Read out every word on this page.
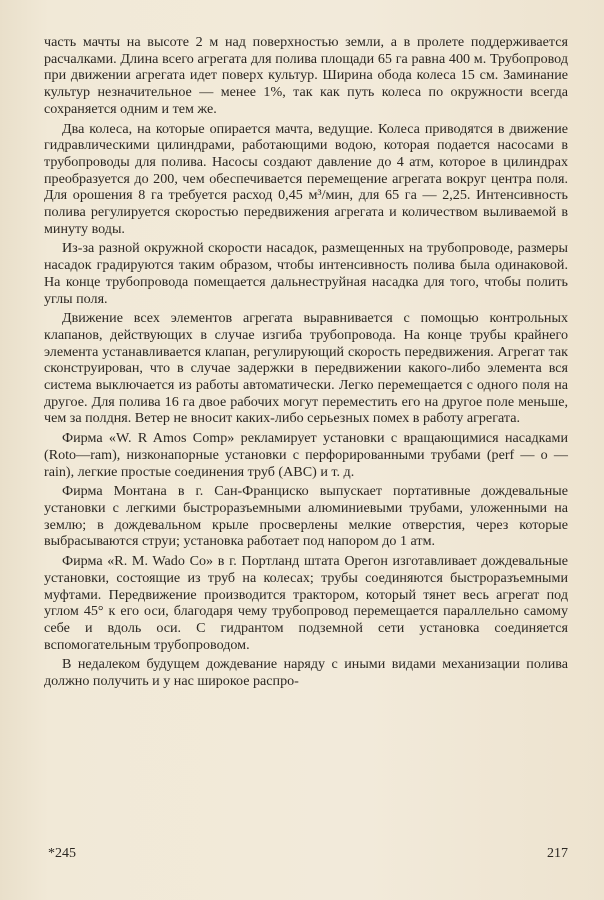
часть мачты на высоте 2 м над поверхностью земли, а в пролете поддерживается расчалками. Длина всего агрегата для полива площади 65 га равна 400 м. Трубопровод при движении агрегата идет поверх культур. Ширина обода колеса 15 см. Заминание культур незначительное — менее 1%, так как путь колеса по окружности всегда сохраняется одним и тем же.

Два колеса, на которые опирается мачта, ведущие. Колеса приводятся в движение гидравлическими цилиндрами, работающими водою, которая подается насосами в трубопроводы для полива. Насосы создают давление до 4 атм, которое в цилиндрах преобразуется до 200, чем обеспечивается перемещение агрегата вокруг центра поля. Для орошения 8 га требуется расход 0,45 м³/мин, для 65 га — 2,25. Интенсивность полива регулируется скоростью передвижения агрегата и количеством выливаемой в минуту воды.

Из-за разной окружной скорости насадок, размещенных на трубопроводе, размеры насадок градируются таким образом, чтобы интенсивность полива была одинаковой. На конце трубопровода помещается дальнеструйная насадка для того, чтобы полить углы поля.

Движение всех элементов агрегата выравнивается с помощью контрольных клапанов, действующих в случае изгиба трубопровода. На конце трубы крайнего элемента устанавливается клапан, регулирующий скорость передвижения. Агрегат так сконструирован, что в случае задержки в передвижении какого-либо элемента вся система выключается из работы автоматически. Легко перемещается с одного поля на другое. Для полива 16 га двое рабочих могут переместить его на другое поле меньше, чем за полдня. Ветер не вносит каких-либо серьезных помех в работу агрегата.

Фирма «W. R Amos Comp» рекламирует установки с вращающимися насадками (Roto—ram), низконапорные установки с перфорированными трубами (perf — o — rain), легкие простые соединения труб (АВС) и т. д.

Фирма Монтана в г. Сан-Франциско выпускает портативные дождевальные установки с легкими быстроразъемными алюминиевыми трубами, уложенными на землю; в дождевальном крыле просверлены мелкие отверстия, через которые выбрасываются струи; установка работает под напором до 1 атм.

Фирма «R. M. Wado Co» в г. Портланд штата Орегон изготавливает дождевальные установки, состоящие из труб на колесах; трубы соединяются быстроразъемными муфтами. Передвижение производится трактором, который тянет весь агрегат под углом 45° к его оси, благодаря чему трубопровод перемещается параллельно самому себе и вдоль оси. С гидрантом подземной сети установка соединяется вспомогательным трубопроводом.

В недалеком будущем дождевание наряду с иными видами механизации полива должно получить и у нас широкое распро-

*245	217
